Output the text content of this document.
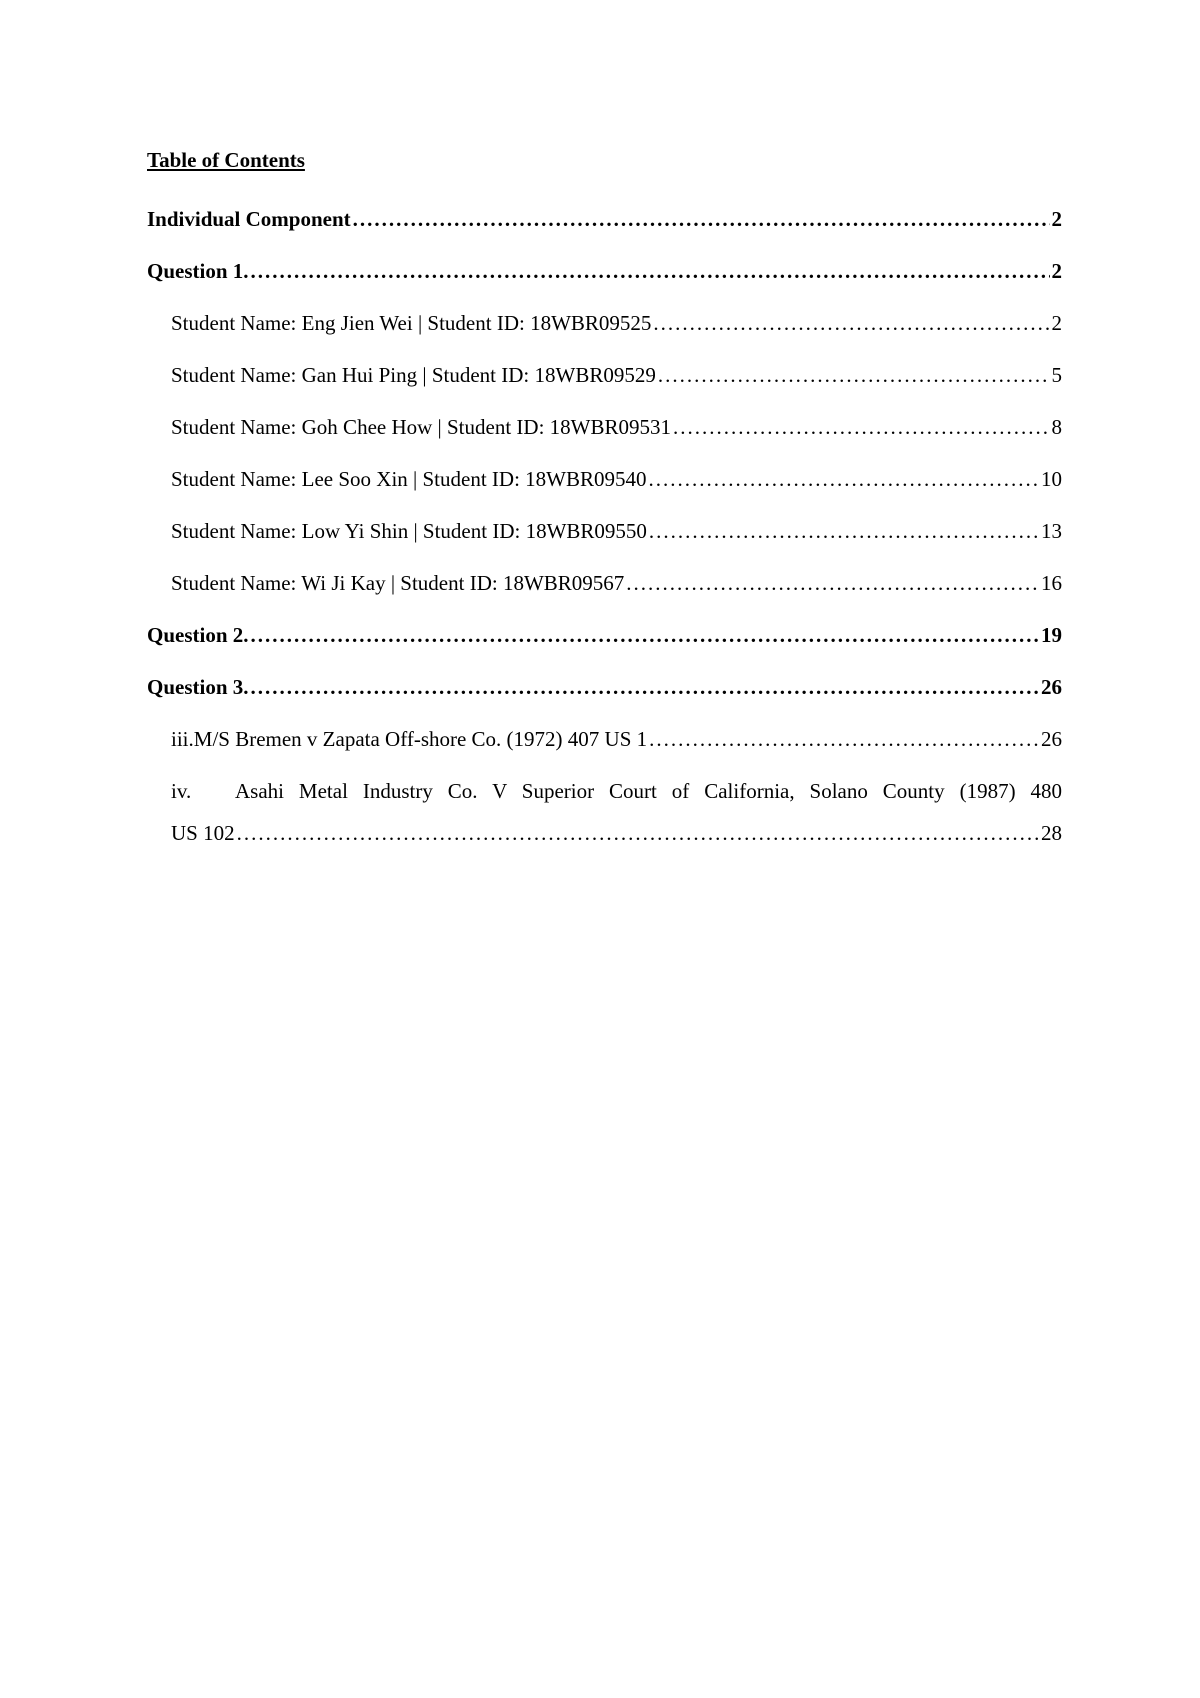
Table of Contents
Individual Component .....	2
Question 1. .....	2
Student Name: Eng Jien Wei | Student ID: 18WBR09525 .....	2
Student Name: Gan Hui Ping | Student ID: 18WBR09529 .....	5
Student Name: Goh Chee How | Student ID: 18WBR09531 .....	8
Student Name: Lee Soo Xin | Student ID: 18WBR09540 .....	10
Student Name: Low Yi Shin | Student ID: 18WBR09550 .....	13
Student Name: Wi Ji Kay | Student ID: 18WBR09567 .....	16
Question 2. .....	19
Question 3. .....	26
iii. M/S Bremen v Zapata Off-shore Co. (1972) 407 US 1 .....	26
iv.	Asahi Metal Industry Co. V Superior Court of California, Solano County (1987) 480
US 102 .....	28
